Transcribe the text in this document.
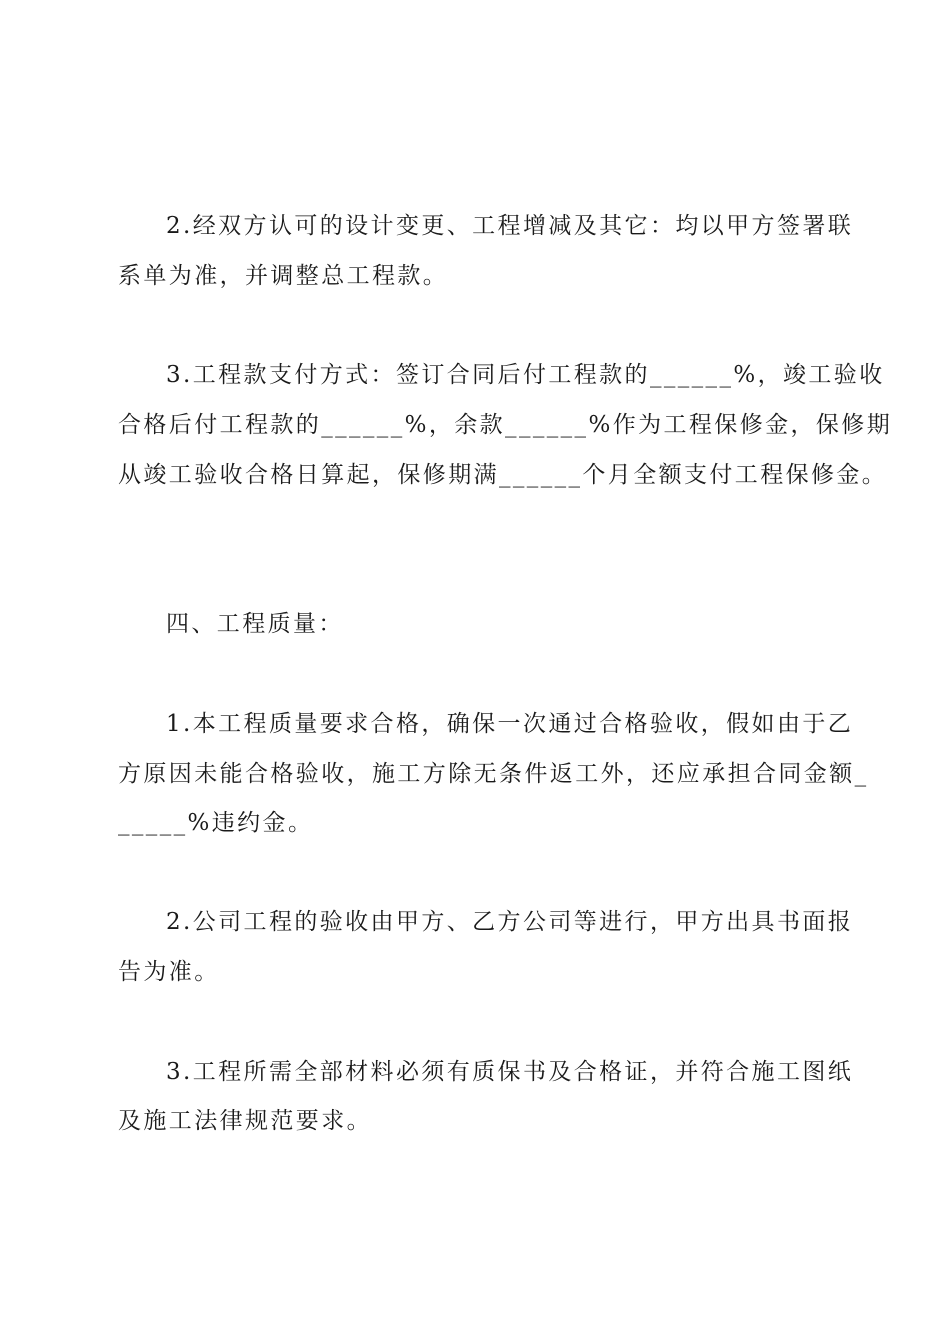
2.经双方认可的设计变更、工程增减及其它：均以甲方签署联
系单为准，并调整总工程款。
3.工程款支付方式：签订合同后付工程款的______%，竣工验收
合格后付工程款的______%，余款______%作为工程保修金，保修期
从竣工验收合格日算起，保修期满______个月全额支付工程保修金。
四、工程质量：
1.本工程质量要求合格，确保一次通过合格验收，假如由于乙
方原因未能合格验收，施工方除无条件返工外，还应承担合同金额_
_____%违约金。
2.公司工程的验收由甲方、乙方公司等进行，甲方出具书面报
告为准。
3.工程所需全部材料必须有质保书及合格证，并符合施工图纸
及施工法律规范要求。
